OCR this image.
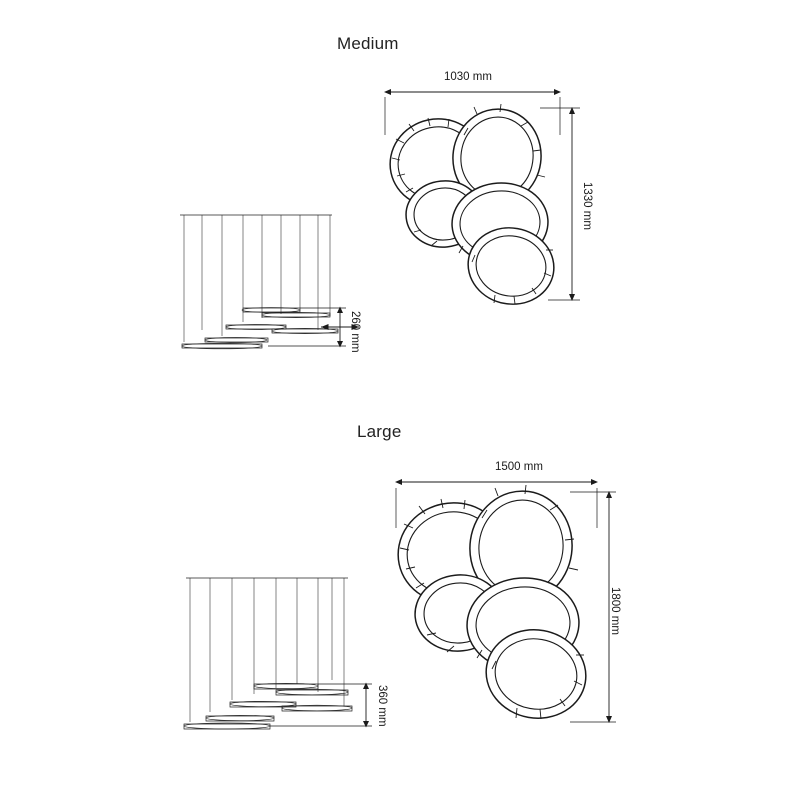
Medium
Large
1030 mm
1330 mm
260 mm
1500 mm
1800 mm
360 mm
